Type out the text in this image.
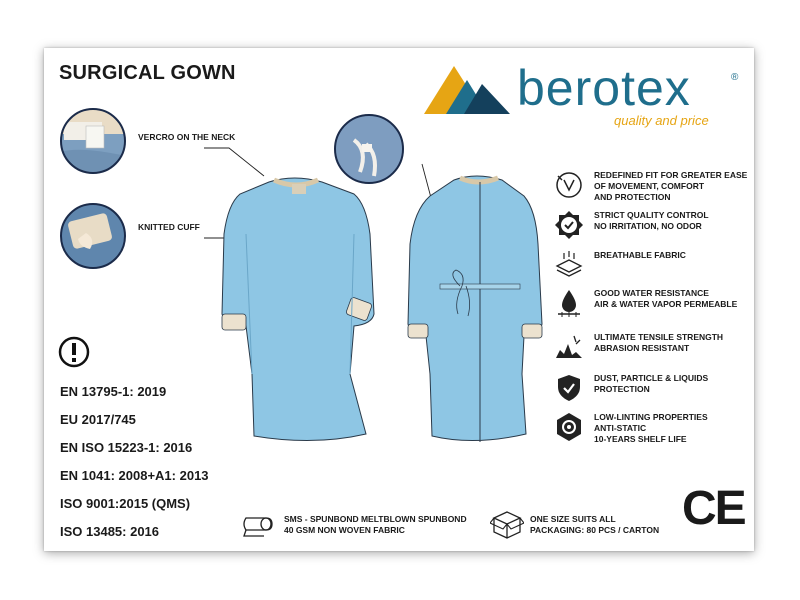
SURGICAL GOWN	berotex	®
quality and price
VERCRO ON THE NECK
KNITTED CUFF
REDEFINED FIT FOR GREATER EASE
OF MOVEMENT, COMFORT
AND PROTECTION
STRICT QUALITY CONTROL
NO IRRITATION, NO ODOR
BREATHABLE FABRIC
GOOD WATER RESISTANCE
AIR & WATER VAPOR PERMEABLE
ULTIMATE TENSILE STRENGTH
ABRASION RESISTANT
DUST, PARTICLE & LIQUIDS
PROTECTION
LOW-LINTING PROPERTIES
ANTI-STATIC
10-YEARS SHELF LIFE
EN 13795-1: 2019
EU 2017/745
EN ISO 15223-1: 2016
EN 1041: 2008+A1: 2013
ISO 9001:2015 (QMS)
ISO 13485: 2016
SMS - SPUNBOND MELTBLOWN SPUNBOND
40 GSM NON WOVEN FABRIC
ONE SIZE SUITS ALL
PACKAGING: 80 PCS / CARTON CE
